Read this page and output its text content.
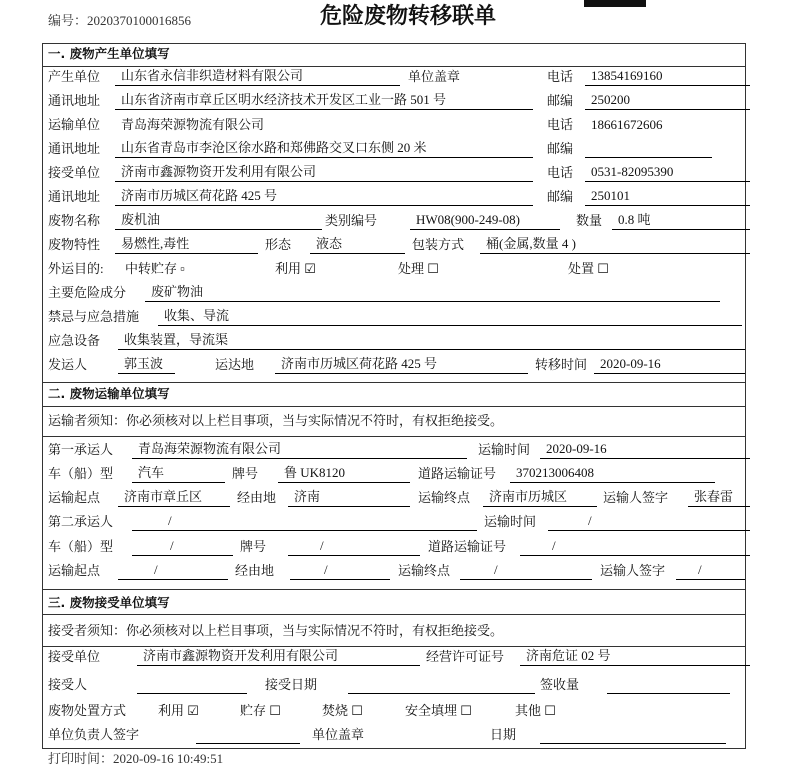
编号：2020370100016856	危险废物转移联单
一. 废物产生单位填写
产生单位	山东省永信非织造材料有限公司	单位盖章	电话	13854169160
通讯地址	山东省济南市章丘区明水经济技术开发区工业一路 501 号	邮编	250200
运输单位 青岛海荣源物流有限公司	电话 18661672606
通讯地址	山东省青岛市李沧区徐水路和郑佛路交叉口东侧 20 米	邮编
接受单位	济南市鑫源物资开发利用有限公司	电话	0531-82095390
通讯地址	济南市历城区荷花路 425 号	邮编	250101
废物名称	废机油	类别编号	HW08(900-249-08)	数量	0.8 吨
废物特性	易燃性,毒性	形态	液态	包装方式	桶(金属,数量 4 )
外运目的: 中转贮存 ▫	利用 ☑	处理 ☐	处置 ☐
主要危险成分	废矿物油
禁忌与应急措施	收集、导流
应急设备	收集装置，导流渠
发运人	郭玉波	运达地	济南市历城区荷花路 425 号	转移时间 2020-09-16
二. 废物运输单位填写
运输者须知：你必须核对以上栏目事项，当与实际情况不符时，有权拒绝接受。
第一承运人	青岛海荣源物流有限公司	运输时间	2020-09-16
车（船）型	汽车	牌号	鲁 UK8120	道路运输证号	370213006408
运输起点	济南市章丘区	经由地	济南	运输终点	济南市历城区	运输人签字	张春雷
第二承运人	/	运输时间	/
车（船）型	/	牌号	/	道路运输证号	/
运输起点	/	经由地	/	运输终点	/	运输人签字	/
三. 废物接受单位填写
接受者须知：你必须核对以上栏目事项，当与实际情况不符时，有权拒绝接受。
接受单位	济南市鑫源物资开发利用有限公司	经营许可证号	济南危证 02 号
接受人	接受日期	签收量
废物处置方式 利用 ☑	贮存 ☐	焚烧 ☐	安全填埋 ☐	其他 ☐
单位负责人签字	单位盖章	日期
打印时间：2020-09-16 10:49:51
